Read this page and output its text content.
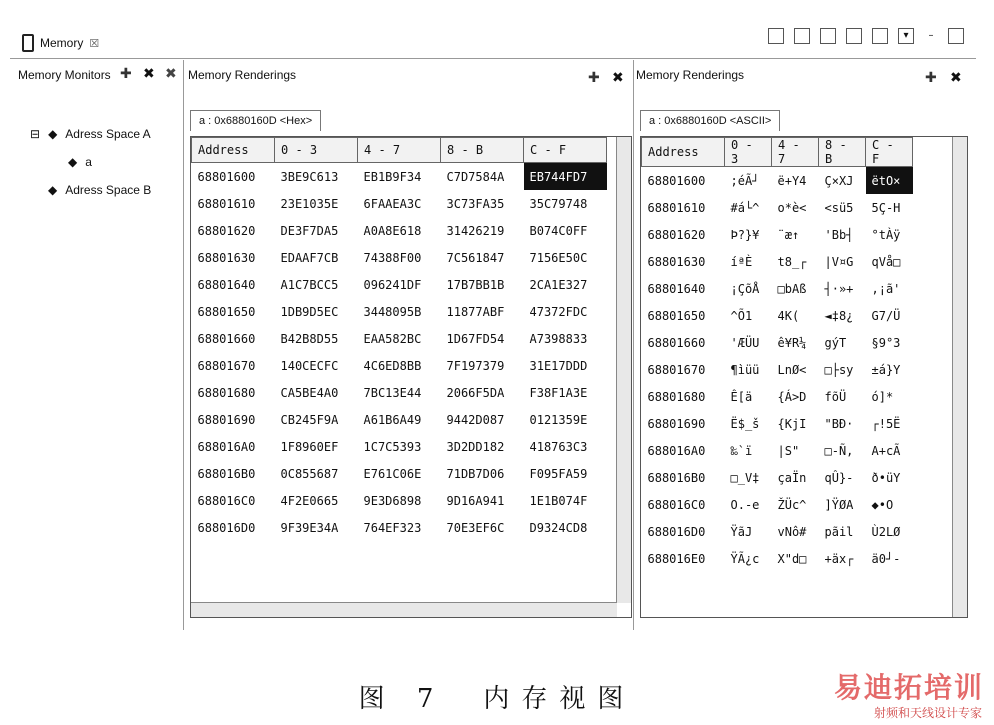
Memory ☒
▾	–
Memory Monitors ✚ ✖ ✖
⊟ ◆ Adress Space A
◆ a
◆ Adress Space B
Memory Renderings	✚ ✖
a : 0x6880160D <Hex>
Address	0 - 3	4 - 7	8 - B	C - F
68801600	3BE9C613	EB1B9F34	C7D7584A	EB744FD7
68801610	23E1035E	6FAAEA3C	3C73FA35	35C79748
68801620	DE3F7DA5	A0A8E618	31426219	B074C0FF
68801630	EDAAF7CB	74388F00	7C561847	7156E50C
68801640	A1C7BCC5	096241DF	17B7BB1B	2CA1E327
68801650	1DB9D5EC	3448095B	11877ABF	47372FDC
68801660	B42B8D55	EAA582BC	1D67FD54	A7398833
68801670	140CECFC	4C6ED8BB	7F197379	31E17DDD
68801680	CA5BE4A0	7BC13E44	2066F5DA	F38F1A3E
68801690	CB245F9A	A61B6A49	9442D087	0121359E
688016A0	1F8960EF	1C7C5393	3D2DD182	418763C3
688016B0	0C855687	E761C06E	71DB7D06	F095FA59
688016C0	4F2E0665	9E3D6898	9D16A941	1E1B074F
688016D0	9F39E34A	764EF323	70E3EF6C	D9324CD8
Memory Renderings	✚ ✖
a : 0x6880160D <ASCII>
Address	0 - 3	4 - 7	8 - B	C - F
68801600	;éÃ┘	ë+Y4	Ç×XJ	ëtO×
68801610	#á└^	o*è<	<sü5	5Ç-H
68801620	Þ?}¥	¨æ↑	'Bb┤	°tÀÿ
68801630	íªÈ	t8_┌	|V¤G	qVå□
68801640	¡ÇõÅ	□bAß	┤·»+	,¡ã'
68801650	^Õ1	4K(	◄‡8¿	G7/Ü
68801660	'ÆÜU	ê¥R¼	gýT	§9°3
68801670	¶ìüü	LnØ<	□├sy	±á}Y
68801680	Ê[ä	{Á>D	fõÜ	ó]*
68801690	Ë$_š	{KjI	"BÐ·	┌!5Ë
688016A0	‰`ï	|S"	□-Ñ,	A+cÃ
688016B0	□_V‡	çaÏn	qÛ}-	ð•üY
688016C0	O.-e	ŽÜc^	]ŸØA	◆•O
688016D0	ŸãJ	vNô#	pãil	Ù2LØ
688016E0	ŸÃ¿c	X"d□	+äx┌	ä0┘-
图 7　内存视图	易迪拓培训
射频和天线设计专家
